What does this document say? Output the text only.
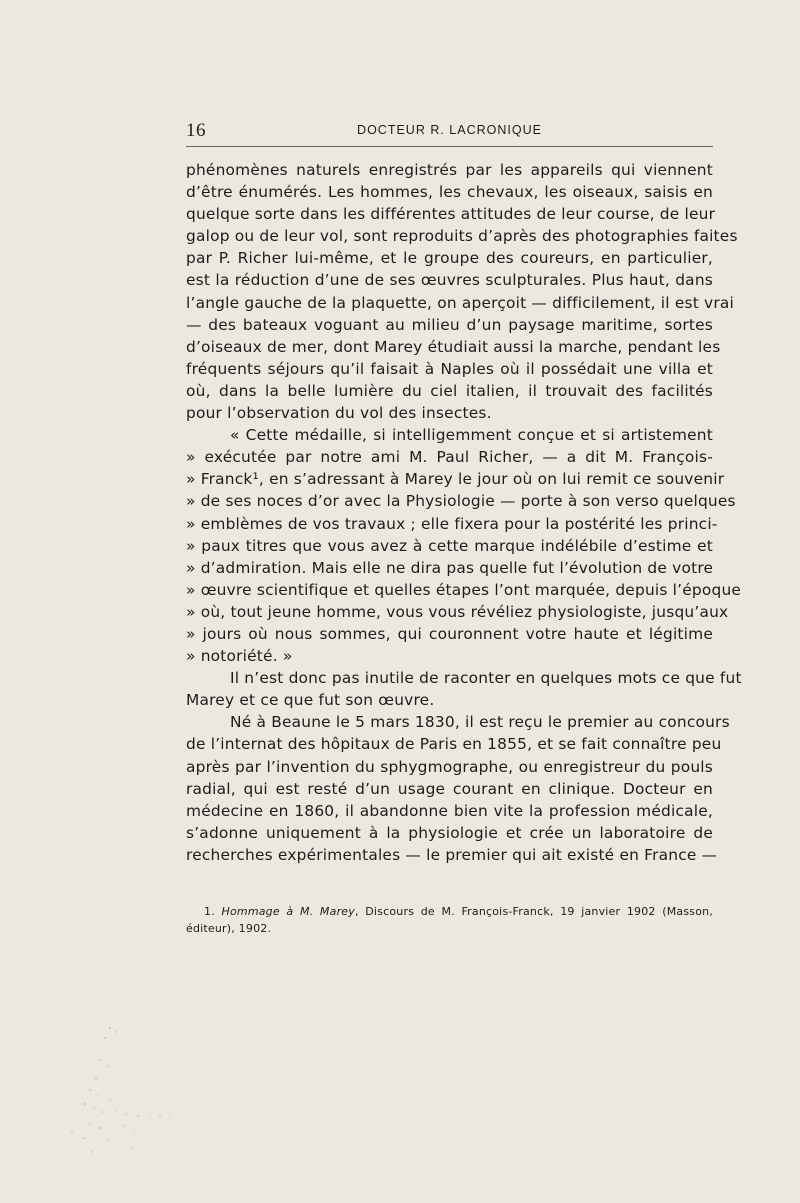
16	DOCTEUR R. LACRONIQUE
phénomènes naturels enregistrés par les appareils qui viennent
d’être énumérés. Les hommes, les chevaux, les oiseaux, saisis en
quelque sorte dans les différentes attitudes de leur course, de leur
galop ou de leur vol, sont reproduits d’après des photographies faites
par P. Richer lui-même, et le groupe des coureurs, en particulier,
est la réduction d’une de ses œuvres sculpturales. Plus haut, dans
l’angle gauche de la plaquette, on aperçoit — difficilement, il est vrai
— des bateaux voguant au milieu d’un paysage maritime, sortes
d’oiseaux de mer, dont Marey étudiait aussi la marche, pendant les
fréquents séjours qu’il faisait à Naples où il possédait une villa et
où, dans la belle lumière du ciel italien, il trouvait des facilités
pour l’observation du vol des insectes.
« Cette médaille, si intelligemment conçue et si artistement
» exécutée par notre ami M. Paul Richer, — a dit M. François-
» Franck¹, en s’adressant à Marey le jour où on lui remit ce souvenir
» de ses noces d’or avec la Physiologie — porte à son verso quelques
» emblèmes de vos travaux ; elle fixera pour la postérité les princi-
» paux titres que vous avez à cette marque indélébile d’estime et
» d’admiration. Mais elle ne dira pas quelle fut l’évolution de votre
» œuvre scientifique et quelles étapes l’ont marquée, depuis l’époque
» où, tout jeune homme, vous vous révéliez physiologiste, jusqu’aux
» jours où nous sommes, qui couronnent votre haute et légitime
» notoriété. »
Il n’est donc pas inutile de raconter en quelques mots ce que fut
Marey et ce que fut son œuvre.
Né à Beaune le 5 mars 1830, il est reçu le premier au concours
de l’internat des hôpitaux de Paris en 1855, et se fait connaître peu
après par l’invention du sphygmographe, ou enregistreur du pouls
radial, qui est resté d’un usage courant en clinique. Docteur en
médecine en 1860, il abandonne bien vite la profession médicale,
s’adonne uniquement à la physiologie et crée un laboratoire de
recherches expérimentales — le premier qui ait existé en France —
1. Hommage à M. Marey, Discours de M. François-Franck, 19 janvier 1902 (Masson,
éditeur), 1902.
